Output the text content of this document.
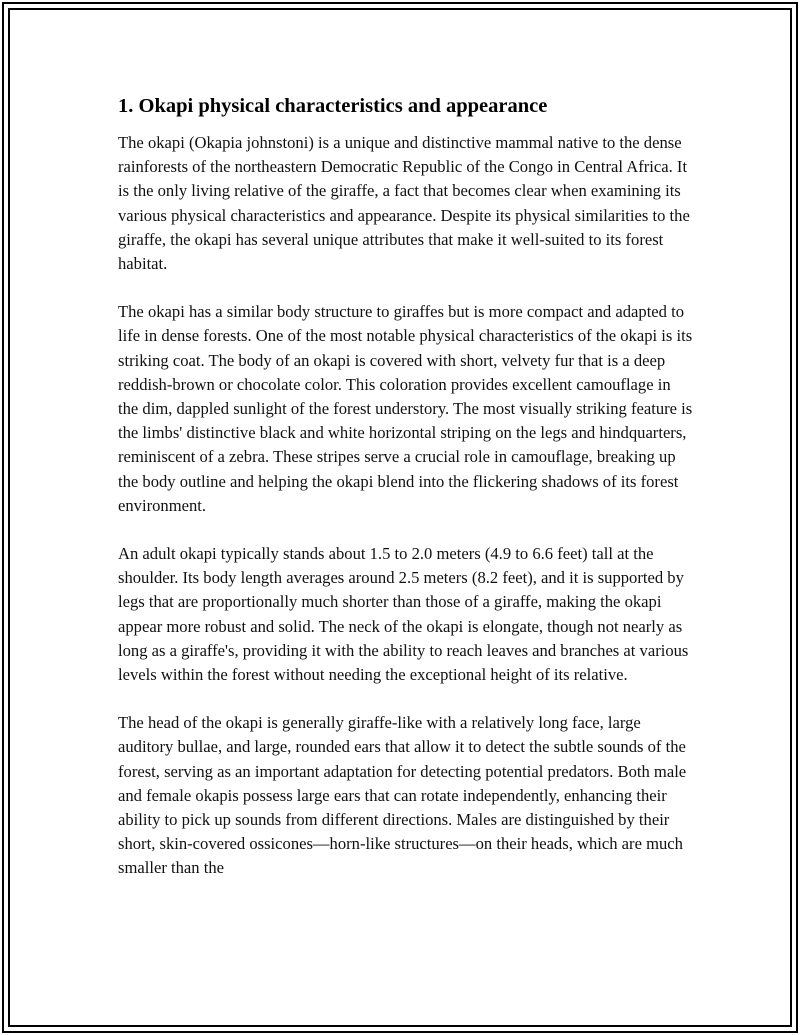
1. Okapi physical characteristics and appearance

The okapi (Okapia johnstoni) is a unique and distinctive mammal native to the dense rainforests of the northeastern Democratic Republic of the Congo in Central Africa. It is the only living relative of the giraffe, a fact that becomes clear when examining its various physical characteristics and appearance. Despite its physical similarities to the giraffe, the okapi has several unique attributes that make it well-suited to its forest habitat.

The okapi has a similar body structure to giraffes but is more compact and adapted to life in dense forests. One of the most notable physical characteristics of the okapi is its striking coat. The body of an okapi is covered with short, velvety fur that is a deep reddish-brown or chocolate color. This coloration provides excellent camouflage in the dim, dappled sunlight of the forest understory. The most visually striking feature is the limbs' distinctive black and white horizontal striping on the legs and hindquarters, reminiscent of a zebra. These stripes serve a crucial role in camouflage, breaking up the body outline and helping the okapi blend into the flickering shadows of its forest environment.

An adult okapi typically stands about 1.5 to 2.0 meters (4.9 to 6.6 feet) tall at the shoulder. Its body length averages around 2.5 meters (8.2 feet), and it is supported by legs that are proportionally much shorter than those of a giraffe, making the okapi appear more robust and solid. The neck of the okapi is elongate, though not nearly as long as a giraffe's, providing it with the ability to reach leaves and branches at various levels within the forest without needing the exceptional height of its relative.

The head of the okapi is generally giraffe-like with a relatively long face, large auditory bullae, and large, rounded ears that allow it to detect the subtle sounds of the forest, serving as an important adaptation for detecting potential predators. Both male and female okapis possess large ears that can rotate independently, enhancing their ability to pick up sounds from different directions. Males are distinguished by their short, skin-covered ossicones—horn-like structures—on their heads, which are much smaller than the
